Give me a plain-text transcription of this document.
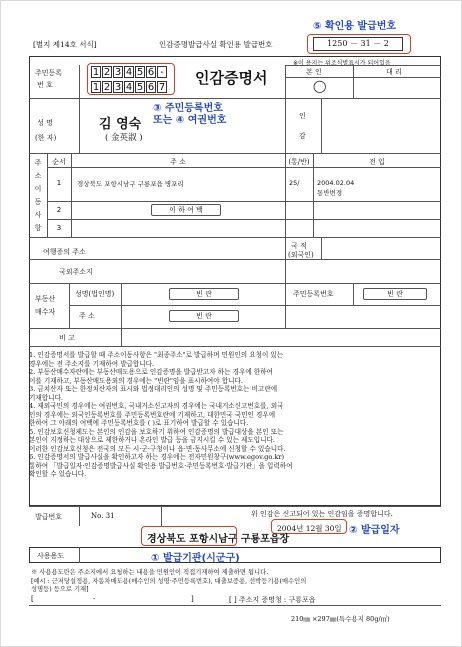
[별지 제14호 서식]	인감증명발급사실 확인용 발급번호	1250 － 31 － 2
⑤ 확인용 발급번호
※이 용지는 위조식별표시가 되어있음
주민등록
번 호
1 2 3 4 5 6 -
1 2 3 4 5 6 7
인감증명서	본 인	대 리
◯
성 명
(한 자)
김 영숙
( 金英淑 )
③ 주민등록번호
또는 ④ 여권번호	인
감
주
소
이
동
사
항
순서	주 소	(통/반)	전 입
1	경상북도 포항시남구 구룡포읍 병포리	25/	2004.02.04
통반변경
2	이 하 여 백
3
여행증의 주소
국 적
(외국인)
국외주소지
부동산
매수자
성명(법인명)	빈 란	주민등록번호	빈 란
주 소	빈 란
비 고
1. 인감증명서를 발급할 때 주소이동사항은 "최종주소"로 발급하며 민원인의 요청이 있는
경우에는 전 주소지를 기재하여 발급합니다.
2. 부동산매수자란에는 부동산매도용으로 인감증명을 발급받고자 하는 경우에 한하여
이를 기재하고, 부동산매도용외의 경우에는 "빈란"임을 표시하여야 합니다.
3. 금치산자 또는 한정치산자의 표시와 법정대리인의 성명 및 주민등록번호는 비고란에
기재합니다.
4. 재외국민의 경우에는 여권번호, 국내거소신고자의 경우에는 국내거소신고번호를, 외국
인의 경우에는 외국인등록번호를 주민등록번호란에 기재하고, 대한민국 국민인 경우에
한하여 그 아래의 여백에 주민등록번호를 ( )로 표기하여 발급할 수 있습니다.
5. 인감보호신청제도는 본인의 인감을 보호하기 위하여 인감증명의 발급대상을 본인 또는
본인이 지정하는 대상으로 제한하거나 온라인 발급 등을 금지시킬 수 있는 제도입니다.
이러한 인감보호신청은 전국의 모든 시·군·구청이나 읍·면·동사무소에 신청할 수 있습니다.
6. 인감증명서의 발급사실을 확인하고자 하는 경우에는 전자민원창구(www.egov.go.kr)
통하여 「발급일자·인감증명발급사실 확인용 발급번호·주민등록번호·발급기관」을 입력하여
확인할 수 있습니다.
발급번호	No. 31	위 인감은 신고되어 있는 인감임을 증명합니다.
2004년 12월 30일 ② 발급일자
경상북도 포항시남구 구룡포읍장
① 발급기관(시군구)
사용용도
※ 사용용도란은 주소지에서 요청하는 내용을 민원인이 직접기재하여 제출하면 됩니다.
[예시 : 근저당설정용, 자동차매도용(매수인의 성명·주민등록번호), 대출보증용, 선박등기용(매수인의
성명등) 등으로 기재]
[	-	]	[ ] 주소지 증명청 : 구룡포읍
210㎜ ×297㎜(특수용지 80g/㎡)
